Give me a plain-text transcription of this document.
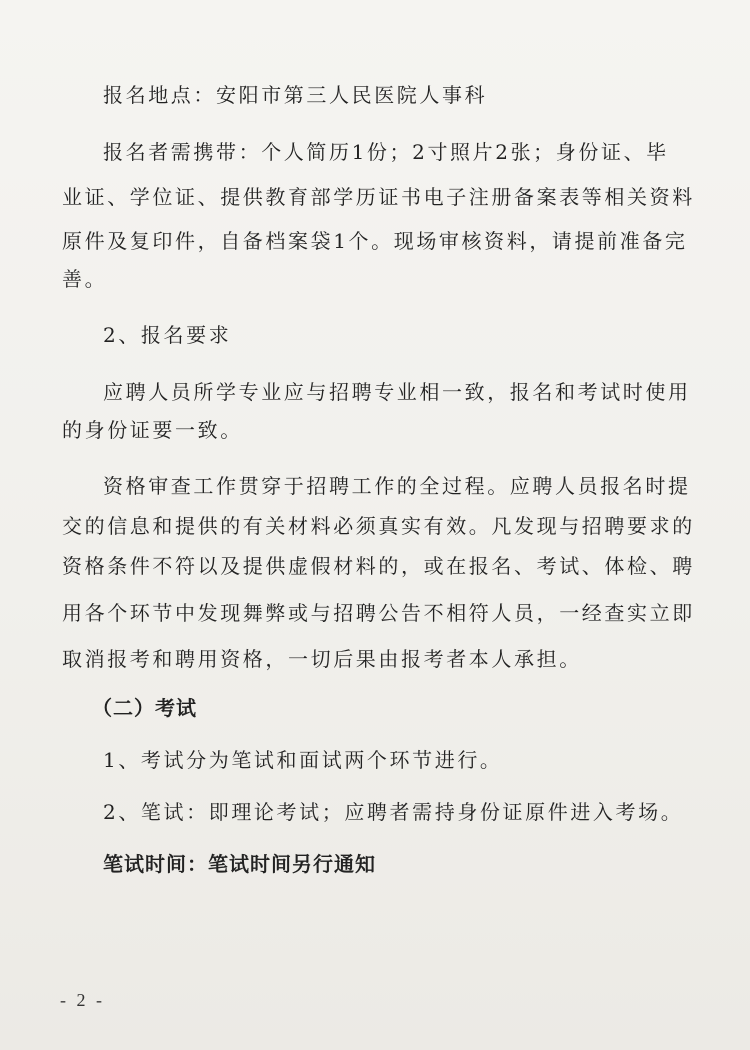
报名地点：安阳市第三人民医院人事科
报名者需携带：个人简历1份；2寸照片2张；身份证、毕
业证、学位证、提供教育部学历证书电子注册备案表等相关资料
原件及复印件，自备档案袋1个。现场审核资料，请提前准备完
善。
2、报名要求
应聘人员所学专业应与招聘专业相一致，报名和考试时使用
的身份证要一致。
资格审查工作贯穿于招聘工作的全过程。应聘人员报名时提
交的信息和提供的有关材料必须真实有效。凡发现与招聘要求的
资格条件不符以及提供虚假材料的，或在报名、考试、体检、聘
用各个环节中发现舞弊或与招聘公告不相符人员，一经查实立即
取消报考和聘用资格，一切后果由报考者本人承担。
（二）考试
1、考试分为笔试和面试两个环节进行。
2、笔试：即理论考试；应聘者需持身份证原件进入考场。
笔试时间：笔试时间另行通知
- 2 -
